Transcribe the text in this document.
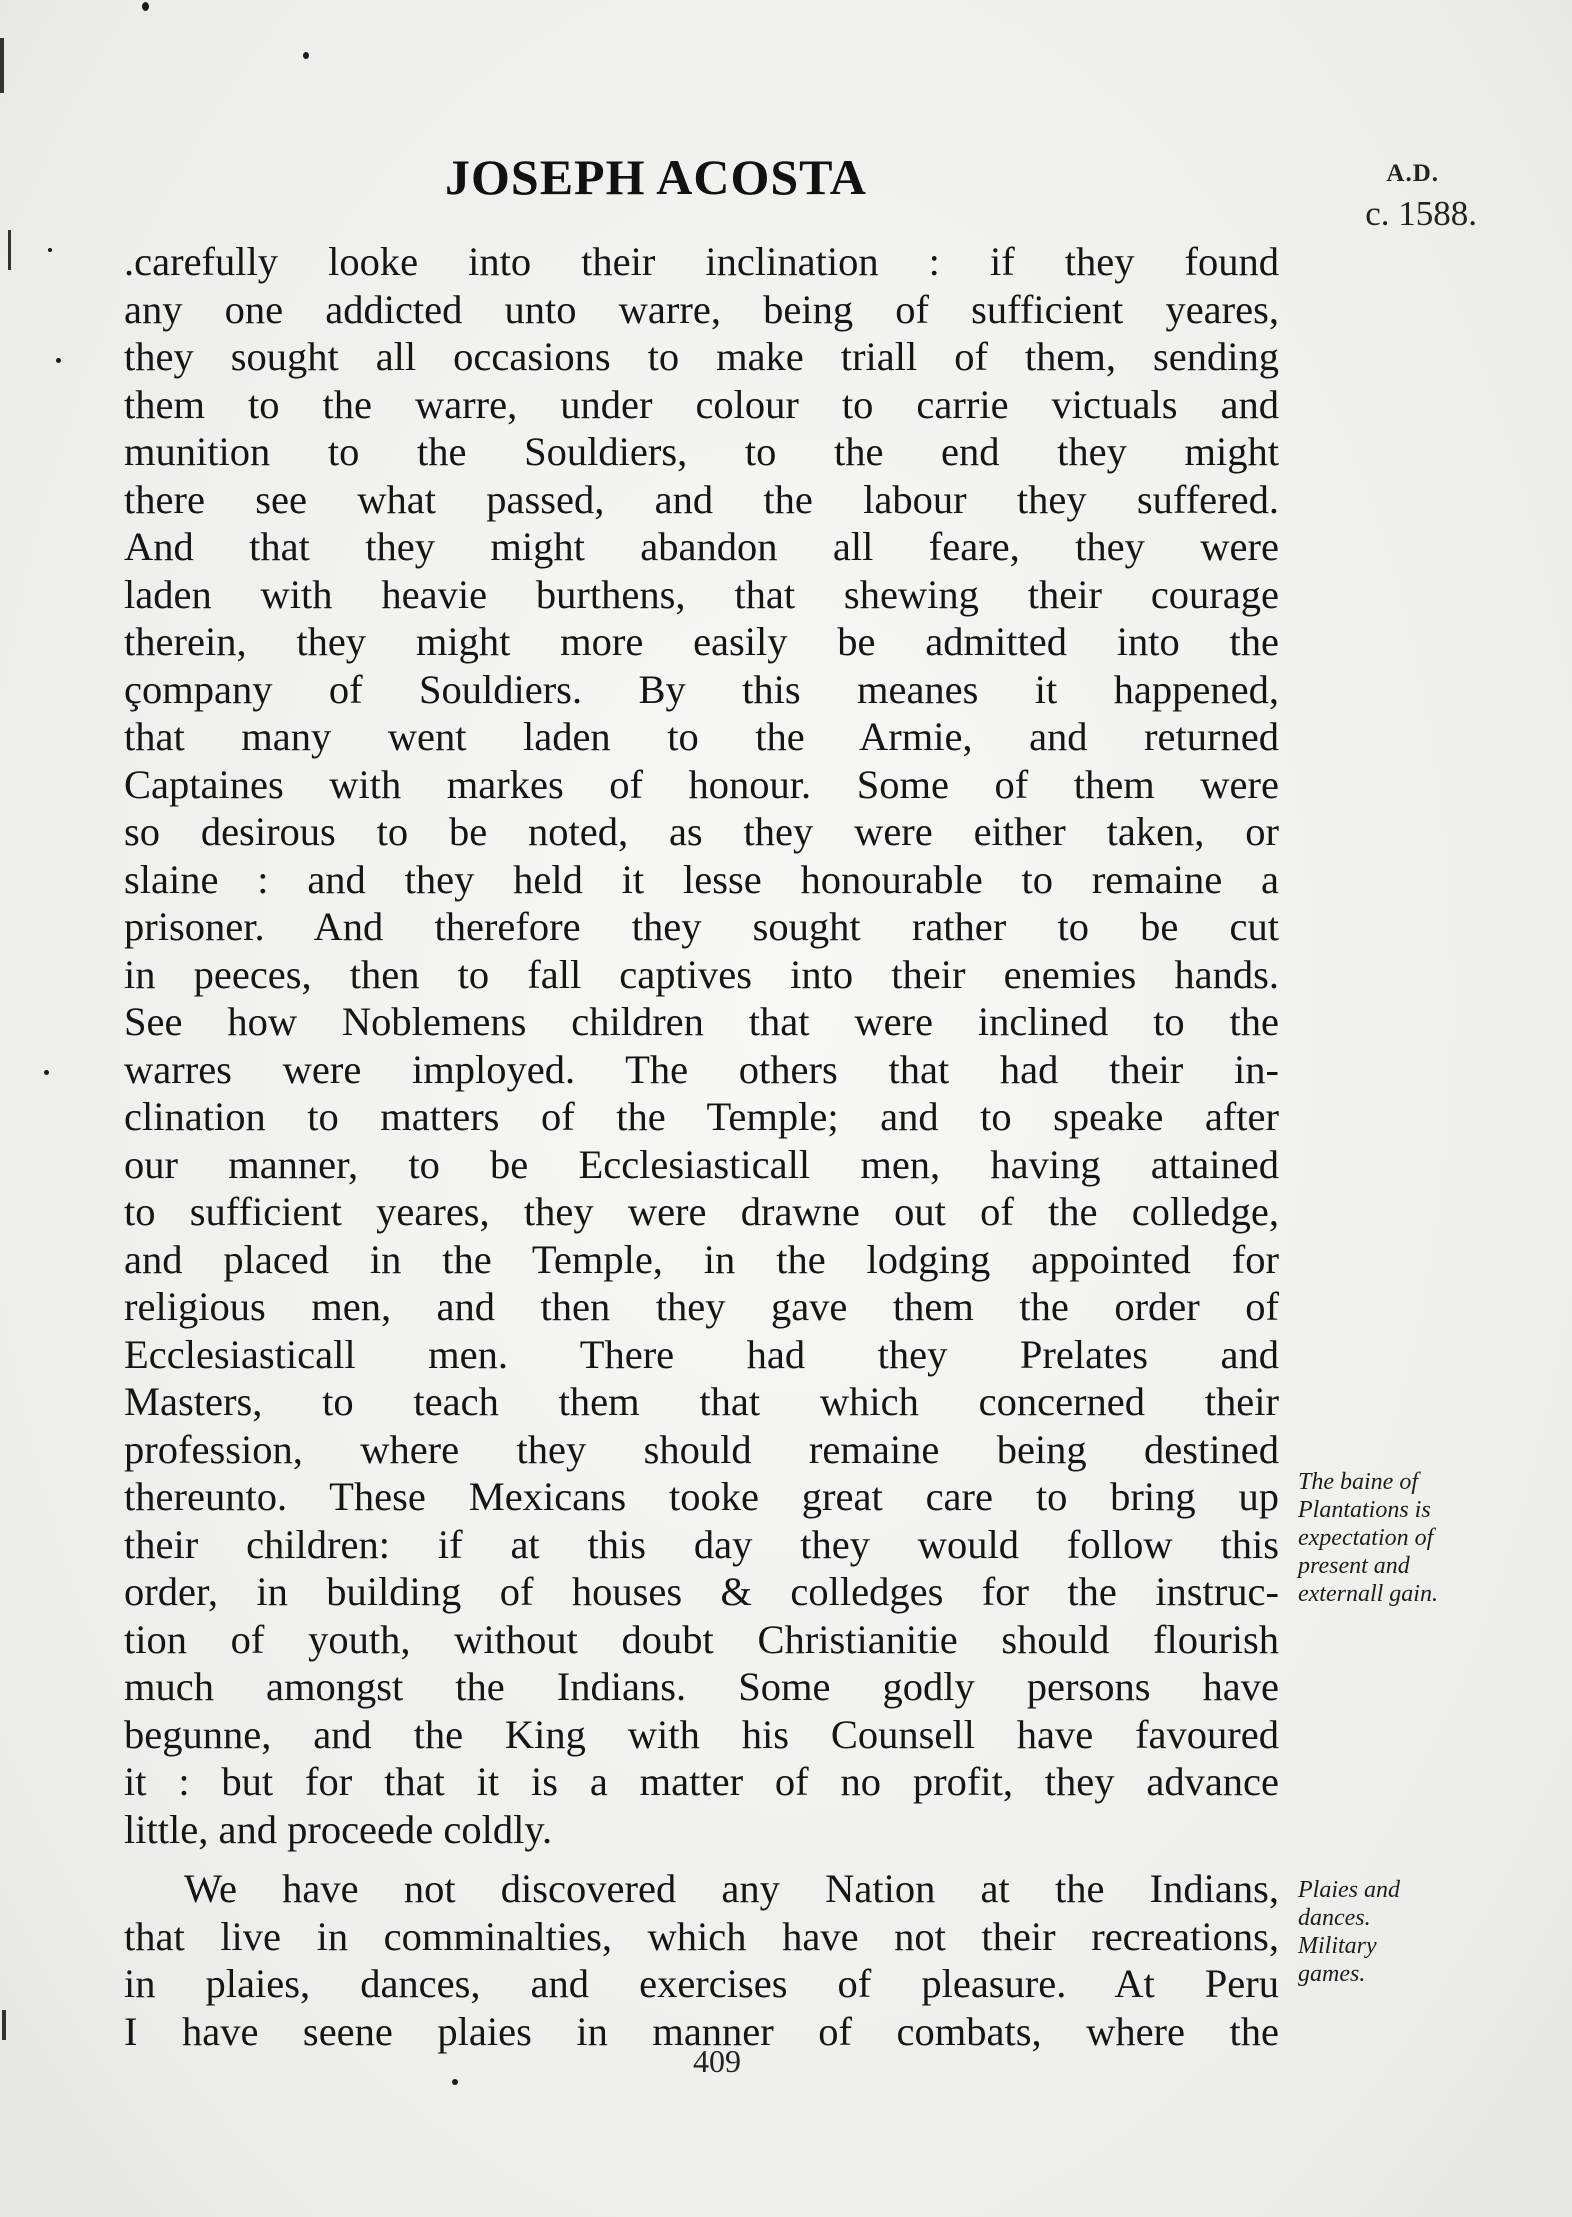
JOSEPH ACOSTA	A.D.
c. 1588.
.carefully looke into their inclination : if they found
any one addicted unto warre, being of sufficient yeares,
they sought all occasions to make triall of them, sending
them to the warre, under colour to carrie victuals and
munition to the Souldiers, to the end they might
there see what passed, and the labour they suffered.
And that they might abandon all feare, they were
laden with heavie burthens, that shewing their courage
therein, they might more easily be admitted into the
çompany of Souldiers. By this meanes it happened,
that many went laden to the Armie, and returned
Captaines with markes of honour. Some of them were
so desirous to be noted, as they were either taken, or
slaine : and they held it lesse honourable to remaine a
prisoner. And therefore they sought rather to be cut
in peeces, then to fall captives into their enemies hands.
See how Noblemens children that were inclined to the
warres were imployed. The others that had their in-
clination to matters of the Temple; and to speake after
our manner, to be Ecclesiasticall men, having attained
to sufficient yeares, they were drawne out of the colledge,
and placed in the Temple, in the lodging appointed for
religious men, and then they gave them the order of
Ecclesiasticall men. There had they Prelates and
Masters, to teach them that which concerned their
profession, where they should remaine being destined
thereunto. These Mexicans tooke great care to bring up
their children: if at this day they would follow this
order, in building of houses & colledges for the instruc-
tion of youth, without doubt Christianitie should flourish
much amongst the Indians. Some godly persons have
begunne, and the King with his Counsell have favoured
it : but for that it is a matter of no profit, they advance
little, and proceede coldly.
We have not discovered any Nation at the Indians,
that live in comminalties, which have not their recreations,
in plaies, dances, and exercises of pleasure. At Peru
I have seene plaies in manner of combats, where the
The baine of
Plantations is
expectation of
present and
externall gain.
Plaies and
dances.
Military
games.
409
